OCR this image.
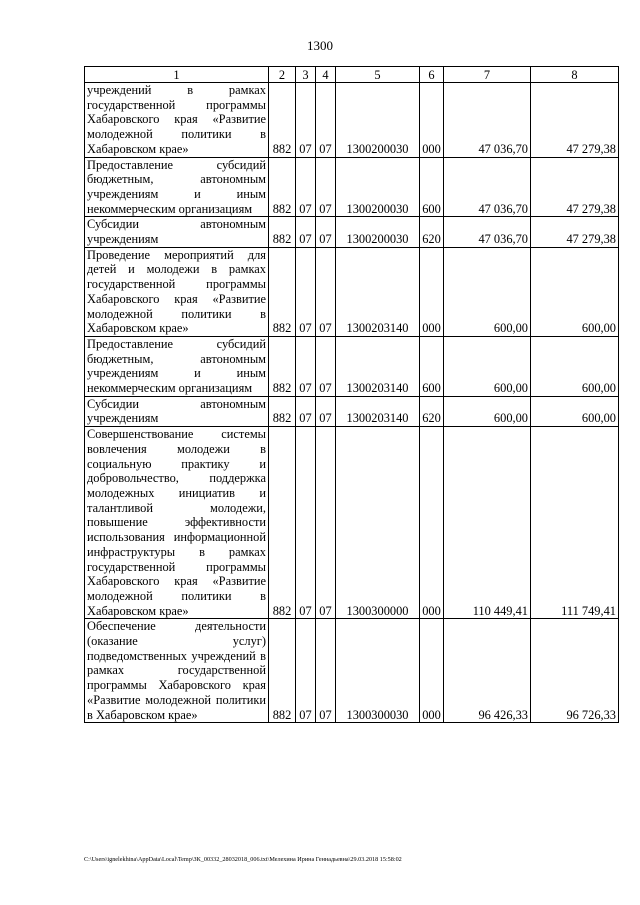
1300
1	2	3	4	5	6	7	8
учреждений в рамках государственной программы Хабаровского края «Развитие молодежной политики в Хабаровском крае»	882	07	07	1300200030	000	47 036,70	47 279,38
Предоставление субсидий бюджетным, автономным учреждениям и иным некоммерческим организациям	882	07	07	1300200030	600	47 036,70	47 279,38
Субсидии автономным учреждениям	882	07	07	1300200030	620	47 036,70	47 279,38
Проведение мероприятий для детей и молодежи в рамках государственной программы Хабаровского края «Развитие молодежной политики в Хабаровском крае»	882	07	07	1300203140	000	600,00	600,00
Предоставление субсидий бюджетным, автономным учреждениям и иным некоммерческим организациям	882	07	07	1300203140	600	600,00	600,00
Субсидии автономным учреждениям	882	07	07	1300203140	620	600,00	600,00
Совершенствование системы вовлечения молодежи в социальную практику и добровольчество, поддержка молодежных инициатив и талантливой молодежи, повышение эффективности использования информационной инфраструктуры в рамках государственной программы Хабаровского края «Развитие молодежной политики в Хабаровском крае»	882	07	07	1300300000	000	110 449,41	111 749,41
Обеспечение деятельности (оказание услуг) подведомственных учреждений в рамках государственной программы Хабаровского края «Развитие молодежной политики в Хабаровском крае»	882	07	07	1300300030	000	96 426,33	96 726,33
C:\Users\ignelekhina\AppData\Local\Temp\ЗК_00332_28032018_006.txt\Мелехина Ирина Геннадьевна\29.03.2018 15:58:02
